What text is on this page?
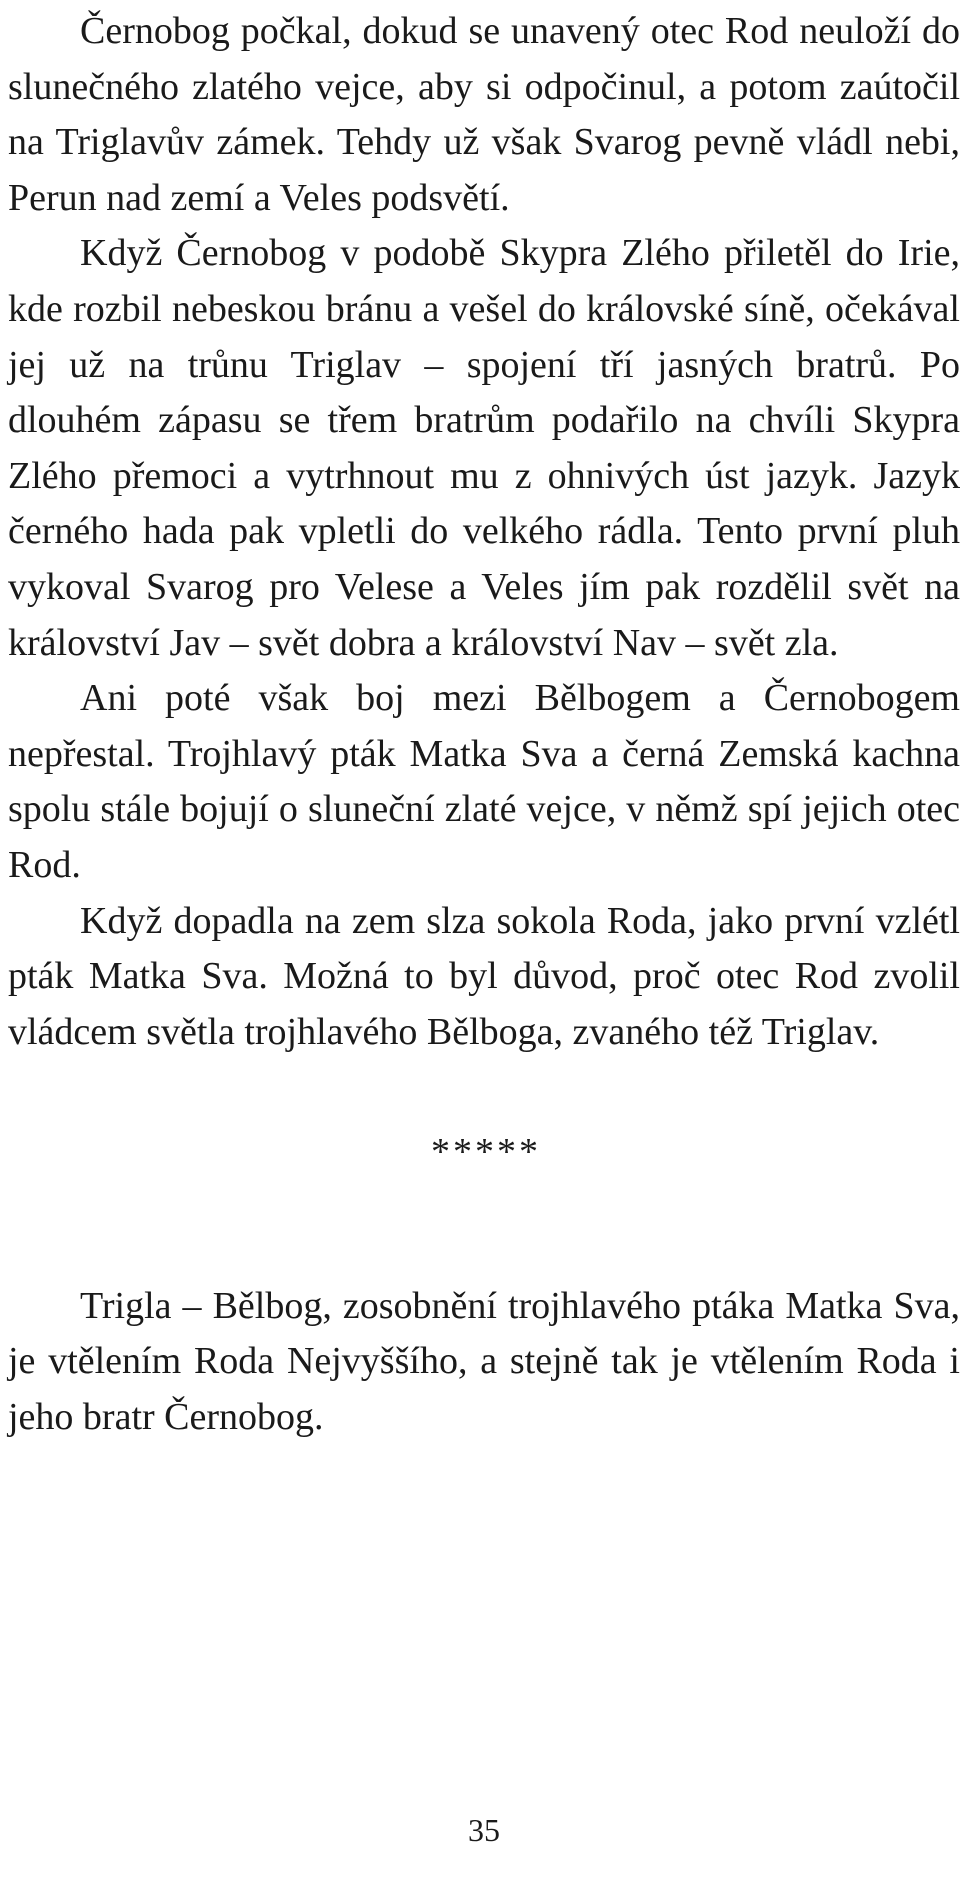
Černobog počkal, dokud se unavený otec Rod neuloží do slunečného zlatého vejce, aby si odpočinul, a potom zaútočil na Triglavův zámek. Tehdy už však Svarog pevně vládl nebi, Perun nad zemí a Veles podsvětí.

Když Černobog v podobě Skypra Zlého přiletěl do Irie, kde rozbil nebeskou bránu a vešel do královské síně, očekával jej už na trůnu Triglav – spojení tří jasných bratrů. Po dlouhém zápasu se třem bratrům podařilo na chvíli Skypra Zlého přemoci a vytrhnout mu z ohnivých úst jazyk. Jazyk černého hada pak vpletli do velkého rádla. Tento první pluh vykoval Svarog pro Velese a Veles jím pak rozdělil svět na království Jav – svět dobra a království Nav – svět zla.

Ani poté však boj mezi Bělbogem a Černobogem nepřestal. Trojhlavý pták Matka Sva a černá Zemská kachna spolu stále bojují o sluneční zlaté vejce, v němž spí jejich otec Rod.

Když dopadla na zem slza sokola Roda, jako první vzlétl pták Matka Sva. Možná to byl důvod, proč otec Rod zvolil vládcem světla trojhlavého Bělboga, zvaného též Triglav.

*****

Trigla – Bělbog, zosobnění trojhlavého ptáka Matka Sva, je vtělením Roda Nejvyššího, a stejně tak je vtělením Roda i jeho bratr Černobog.

35
